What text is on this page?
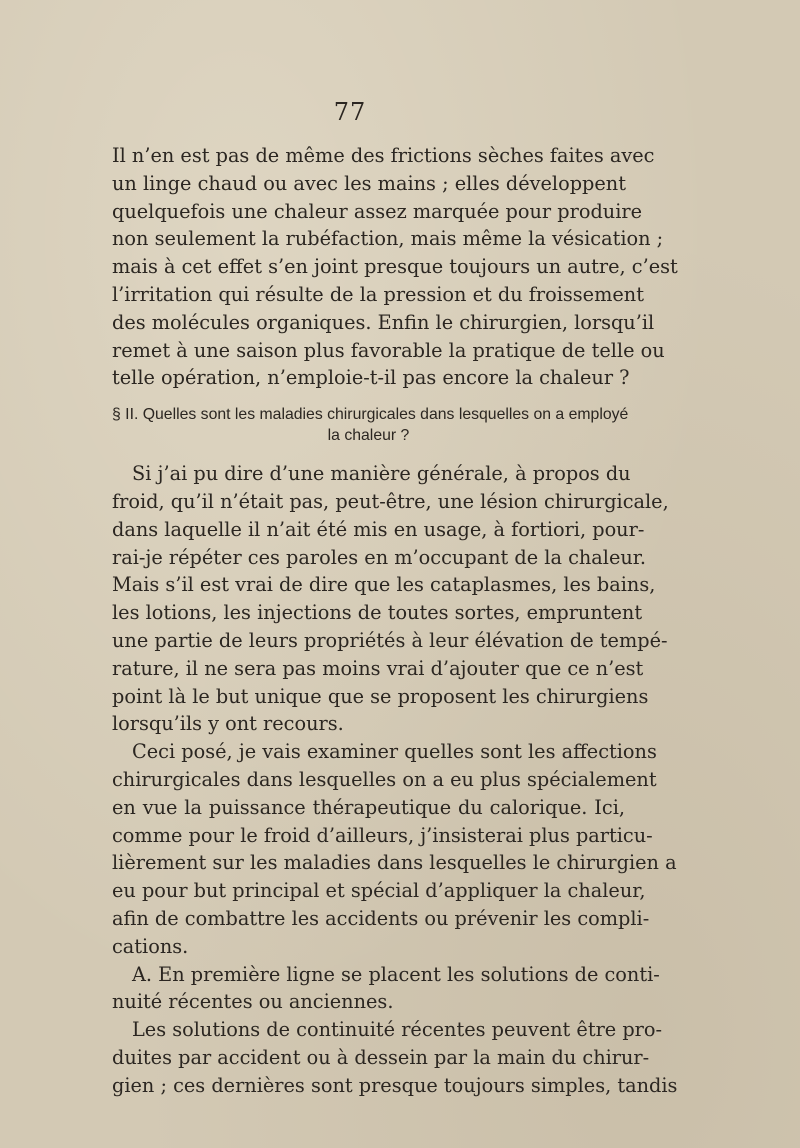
77
Il n’en est pas de même des frictions sèches faites avec
un linge chaud ou avec les mains ; elles développent
quelquefois une chaleur assez marquée pour produire
non seulement la rubéfaction, mais même la vésication ;
mais à cet effet s’en joint presque toujours un autre, c’est
l’irritation qui résulte de la pression et du froissement
des molécules organiques. Enfin le chirurgien, lorsqu’il
remet à une saison plus favorable la pratique de telle ou
telle opération, n’emploie-t-il pas encore la chaleur ?
§ II. Quelles sont les maladies chirurgicales dans lesquelles on a employé
la chaleur ?
Si j’ai pu dire d’une manière générale, à propos du
froid, qu’il n’était pas, peut-être, une lésion chirurgicale,
dans laquelle il n’ait été mis en usage, à fortiori, pour-
rai-je répéter ces paroles en m’occupant de la chaleur.
Mais s’il est vrai de dire que les cataplasmes, les bains,
les lotions, les injections de toutes sortes, empruntent
une partie de leurs propriétés à leur élévation de tempé-
rature, il ne sera pas moins vrai d’ajouter que ce n’est
point là le but unique que se proposent les chirurgiens
lorsqu’ils y ont recours.
Ceci posé, je vais examiner quelles sont les affections
chirurgicales dans lesquelles on a eu plus spécialement
en vue la puissance thérapeutique du calorique. Ici,
comme pour le froid d’ailleurs, j’insisterai plus particu-
lièrement sur les maladies dans lesquelles le chirurgien a
eu pour but principal et spécial d’appliquer la chaleur,
afin de combattre les accidents ou prévenir les compli-
cations.
A. En première ligne se placent les solutions de conti-
nuité récentes ou anciennes.
Les solutions de continuité récentes peuvent être pro-
duites par accident ou à dessein par la main du chirur-
gien ; ces dernières sont presque toujours simples, tandis
